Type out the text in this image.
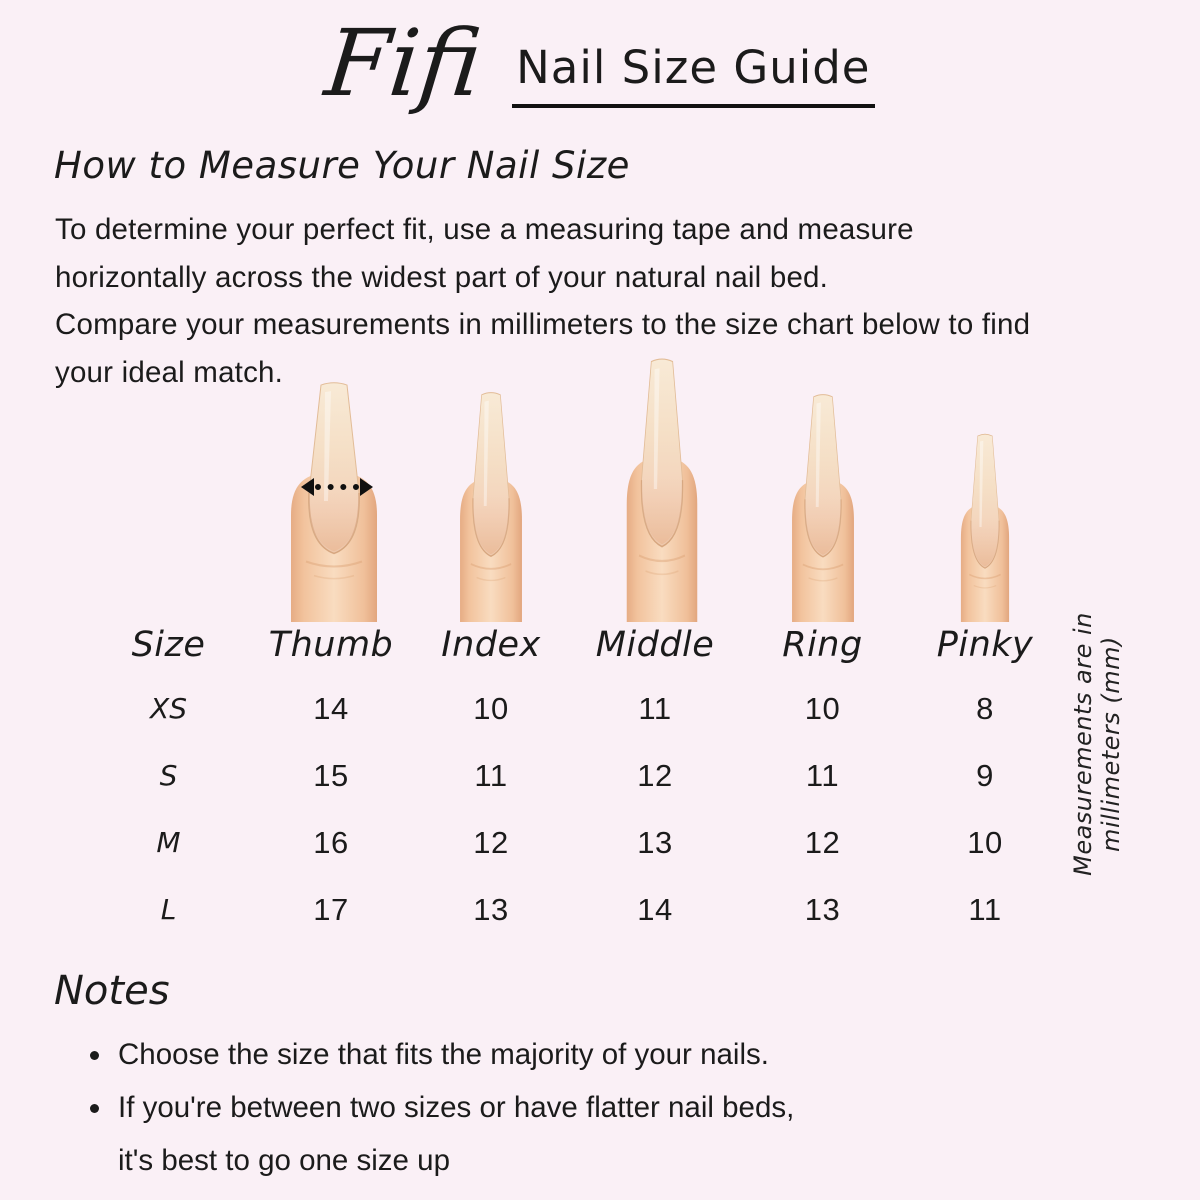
Fifi Nail Size Guide
How to Measure Your Nail Size
To determine your perfect fit, use a measuring tape and measure
horizontally across the widest part of your natural nail bed.
Compare your measurements in millimeters to the size chart below to find
your ideal match.
Size	Thumb	Index	Middle	Ring	Pinky
XS	14	10	11	10	8
S	15	11	12	11	9
M	16	12	13	12	10
L	17	13	14	13	11
Measurements are in millimeters (mm)
Notes
• Choose the size that fits the majority of your nails.
• If you're between two sizes or have flatter nail beds,
it's best to go one size up
